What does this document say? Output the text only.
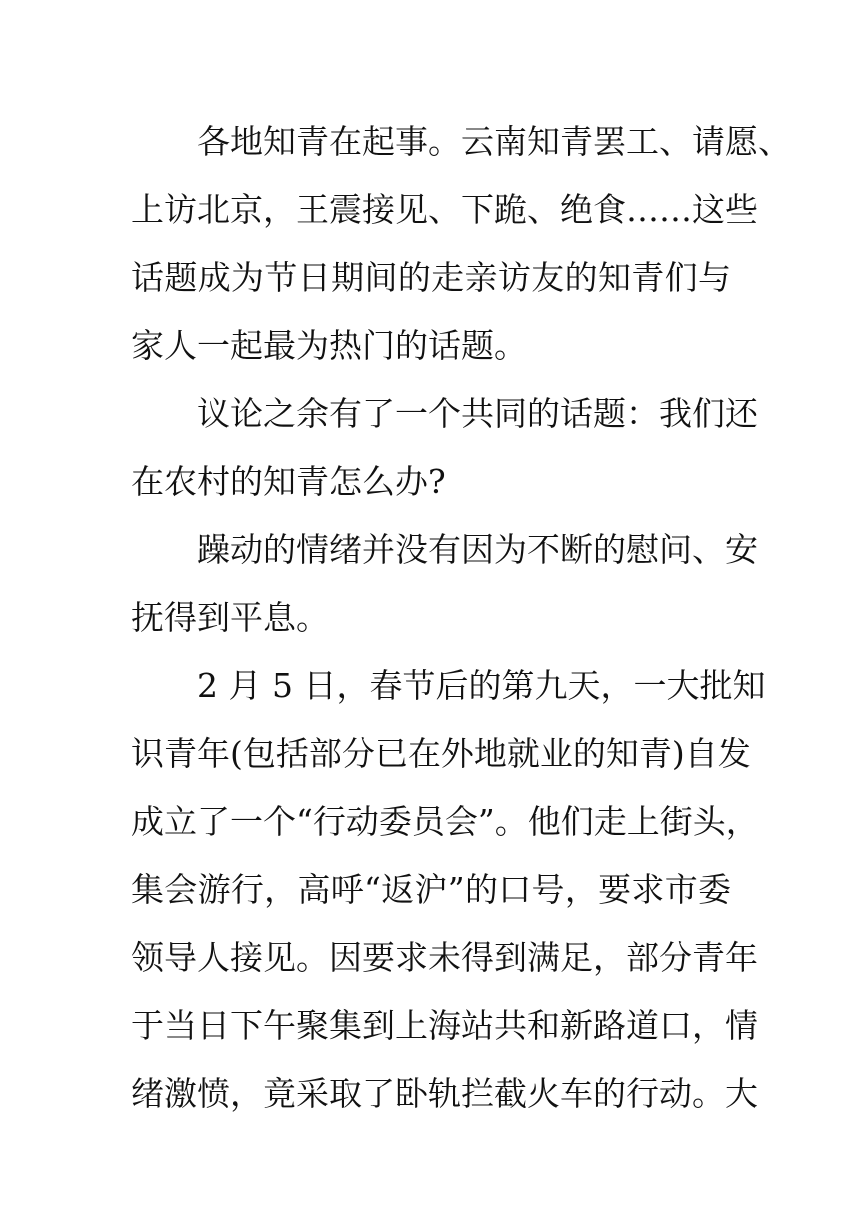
各地知青在起事。云南知青罢工、请愿、
上访北京，王震接见、下跪、绝食……这些
话题成为节日期间的走亲访友的知青们与
家人一起最为热门的话题。
议论之余有了一个共同的话题：我们还
在农村的知青怎么办?
躁动的情绪并没有因为不断的慰问、安
抚得到平息。
2 月 5 日，春节后的第九天，一大批知
识青年(包括部分已在外地就业的知青)自发
成立了一个“行动委员会”。他们走上街头，
集会游行，高呼“返沪”的口号，要求市委
领导人接见。因要求未得到满足，部分青年
于当日下午聚集到上海站共和新路道口，情
绪激愤，竟采取了卧轨拦截火车的行动。大
